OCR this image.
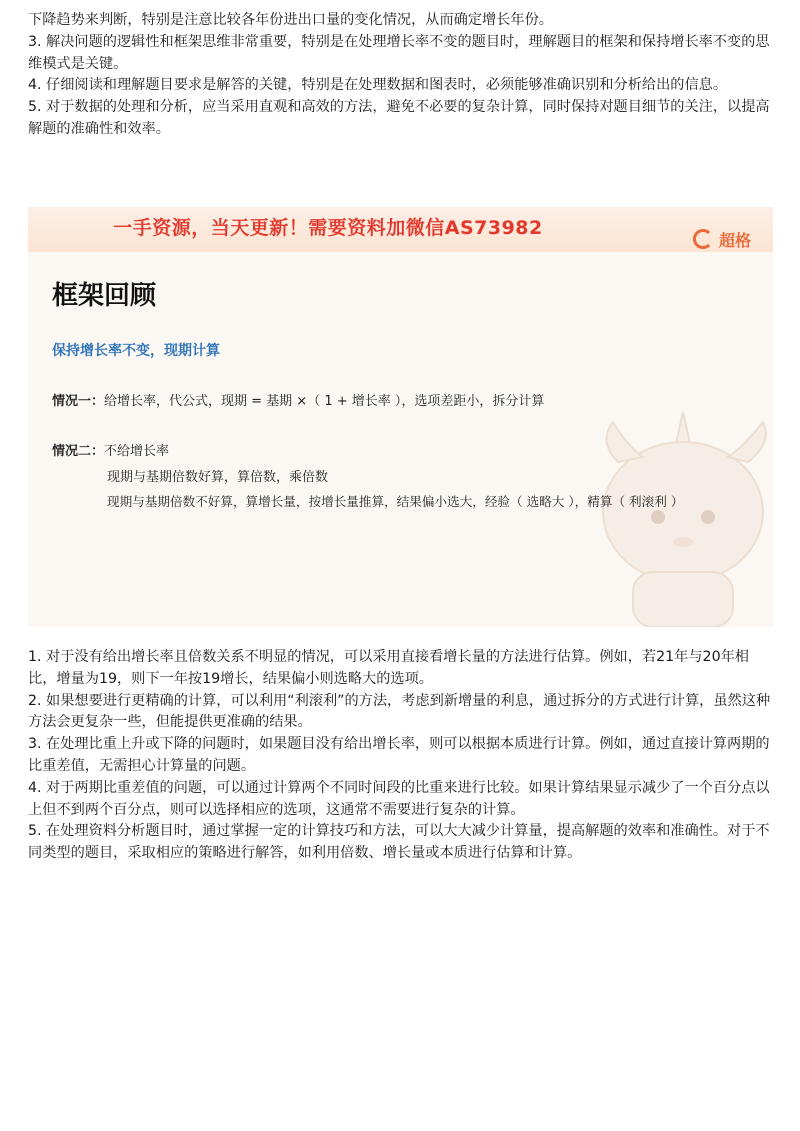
下降趋势来判断，特别是注意比较各年份进出口量的变化情况，从而确定增长年份。

3. 解决问题的逻辑性和框架思维非常重要，特别是在处理增长率不变的题目时，理解题目的框架和保持增长率不变的思维模式是关键。

4. 仔细阅读和理解题目要求是解答的关键，特别是在处理数据和图表时，必须能够准确识别和分析给出的信息。

5. 对于数据的处理和分析，应当采用直观和高效的方法，避免不必要的复杂计算，同时保持对题目细节的关注，以提高解题的准确性和效率。

一手资源，当天更新！需要资料加微信AS73982
超格
框架回顾
保持增长率不变，现期计算
情况一：给增长率，代公式，现期 = 基期 ×（ 1 + 增长率 ），选项差距小，拆分计算
情况二：不给增长率
现期与基期倍数好算，算倍数，乘倍数
现期与基期倍数不好算，算增长量，按增长量推算，结果偏小选大，经验（ 选略大 ），精算（ 利滚利 ）

1. 对于没有给出增长率且倍数关系不明显的情况，可以采用直接看增长量的方法进行估算。例如，若21年与20年相比，增量为19，则下一年按19增长，结果偏小则选略大的选项。

2. 如果想要进行更精确的计算，可以利用“利滚利”的方法，考虑到新增量的利息，通过拆分的方式进行计算，虽然这种方法会更复杂一些，但能提供更准确的结果。

3. 在处理比重上升或下降的问题时，如果题目没有给出增长率，则可以根据本质进行计算。例如，通过直接计算两期的比重差值，无需担心计算量的问题。

4. 对于两期比重差值的问题，可以通过计算两个不同时间段的比重来进行比较。如果计算结果显示减少了一个百分点以上但不到两个百分点，则可以选择相应的选项，这通常不需要进行复杂的计算。

5. 在处理资料分析题目时，通过掌握一定的计算技巧和方法，可以大大减少计算量，提高解题的效率和准确性。对于不同类型的题目，采取相应的策略进行解答，如利用倍数、增长量或本质进行估算和计算。
